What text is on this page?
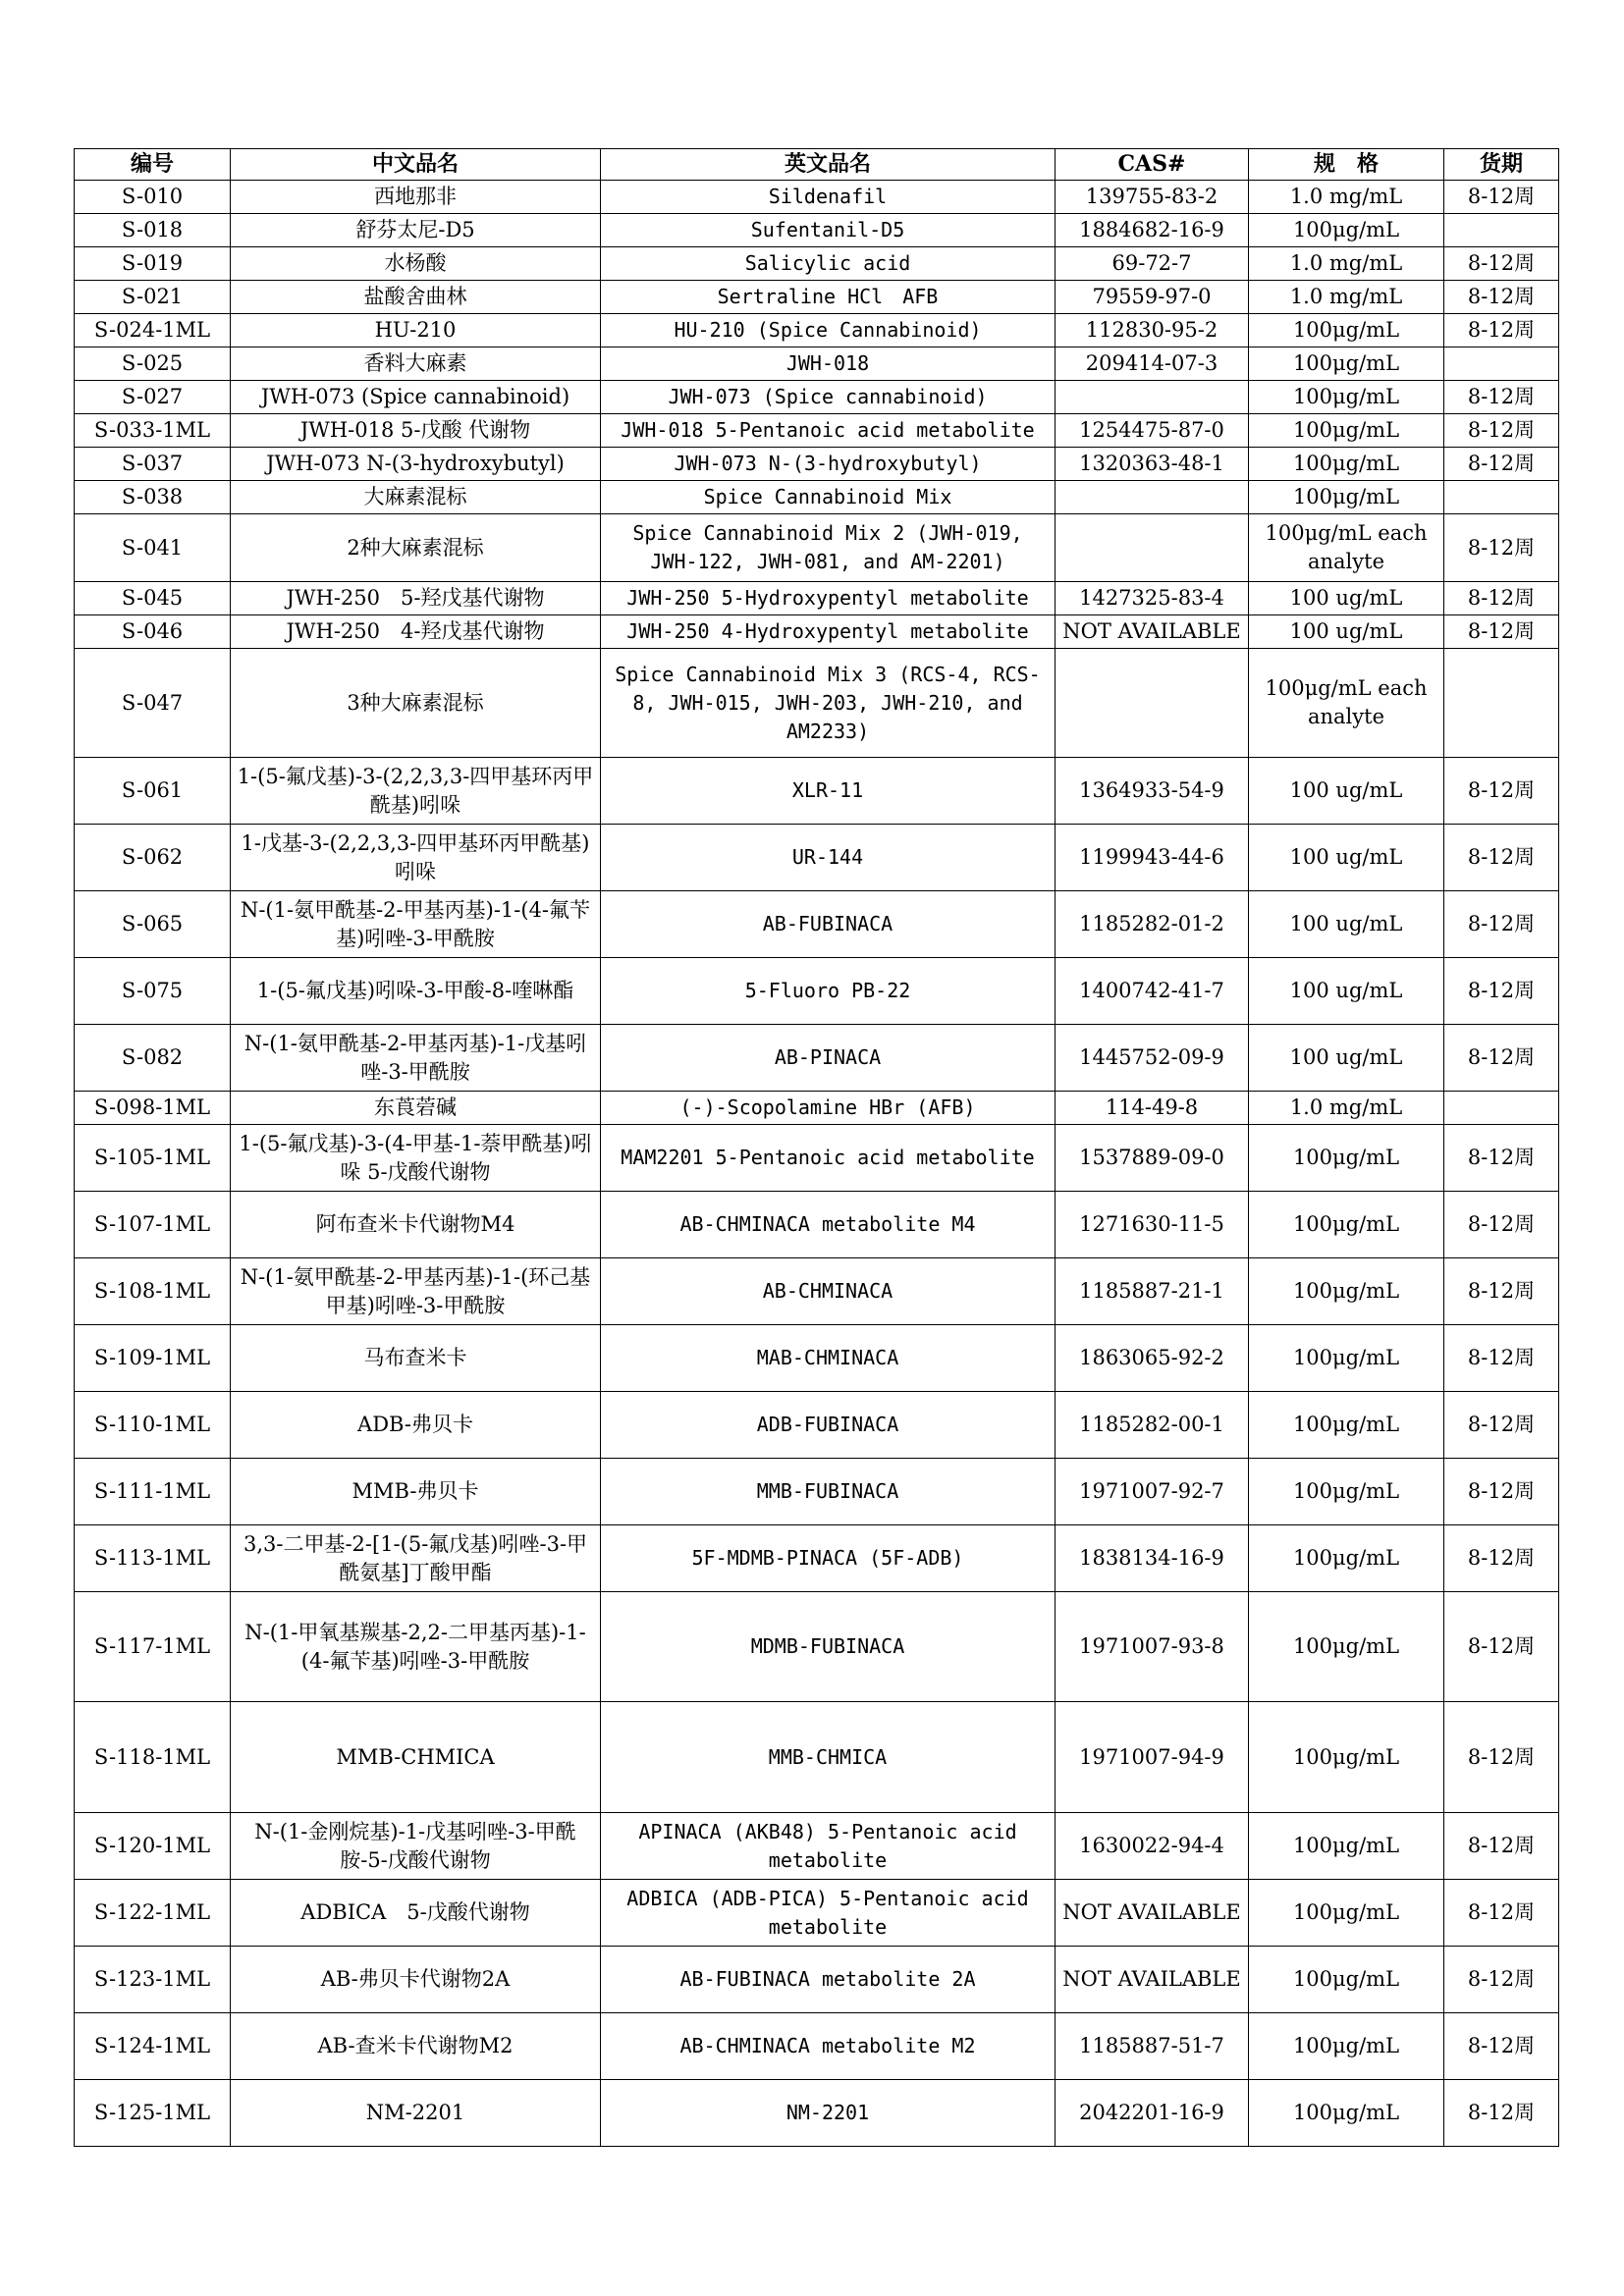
编号	中文品名	英文品名	CAS#	规　格	货期
S-010	西地那非	Sildenafil	139755-83-2	1.0 mg/mL	8-12周
S-018	舒芬太尼-D5	Sufentanil-D5	1884682-16-9	100μg/mL	
S-019	水杨酸	Salicylic acid	69-72-7	1.0 mg/mL	8-12周
S-021	盐酸舍曲林	Sertraline HCl　AFB	79559-97-0	1.0 mg/mL	8-12周
S-024-1ML	HU-210	HU-210 (Spice Cannabinoid)	112830-95-2	100μg/mL	8-12周
S-025	香料大麻素	JWH-018	209414-07-3	100μg/mL	
S-027	JWH-073 (Spice cannabinoid)	JWH-073 (Spice cannabinoid)		100μg/mL	8-12周
S-033-1ML	JWH-018 5-戊酸 代谢物	JWH-018 5-Pentanoic acid metabolite	1254475-87-0	100μg/mL	8-12周
S-037	JWH-073 N-(3-hydroxybutyl)	JWH-073 N-(3-hydroxybutyl)	1320363-48-1	100μg/mL	8-12周
S-038	大麻素混标	Spice Cannabinoid Mix		100μg/mL	
S-041	2种大麻素混标	Spice Cannabinoid Mix 2 (JWH-019, JWH-122, JWH-081, and AM-2201)		100μg/mL each analyte	8-12周
S-045	JWH-250　5-羟戊基代谢物	JWH-250 5-Hydroxypentyl metabolite	1427325-83-4	100 ug/mL	8-12周
S-046	JWH-250　4-羟戊基代谢物	JWH-250 4-Hydroxypentyl metabolite	NOT AVAILABLE	100 ug/mL	8-12周
S-047	3种大麻素混标	Spice Cannabinoid Mix 3 (RCS-4, RCS-8, JWH-015, JWH-203, JWH-210, and AM2233)		100μg/mL each analyte	
S-061	1-(5-氟戊基)-3-(2,2,3,3-四甲基环丙甲酰基)吲哚	XLR-11	1364933-54-9	100 ug/mL	8-12周
S-062	1-戊基-3-(2,2,3,3-四甲基环丙甲酰基)吲哚	UR-144	1199943-44-6	100 ug/mL	8-12周
S-065	N-(1-氨甲酰基-2-甲基丙基)-1-(4-氟苄基)吲唑-3-甲酰胺	AB-FUBINACA	1185282-01-2	100 ug/mL	8-12周
S-075	1-(5-氟戊基)吲哚-3-甲酸-8-喹啉酯	5-Fluoro PB-22	1400742-41-7	100 ug/mL	8-12周
S-082	N-(1-氨甲酰基-2-甲基丙基)-1-戊基吲唑-3-甲酰胺	AB-PINACA	1445752-09-9	100 ug/mL	8-12周
S-098-1ML	东莨菪碱	(-)-Scopolamine HBr (AFB)	114-49-8	1.0 mg/mL	
S-105-1ML	1-(5-氟戊基)-3-(4-甲基-1-萘甲酰基)吲哚 5-戊酸代谢物	MAM2201 5-Pentanoic acid metabolite	1537889-09-0	100μg/mL	8-12周
S-107-1ML	阿布查米卡代谢物M4	AB-CHMINACA metabolite M4	1271630-11-5	100μg/mL	8-12周
S-108-1ML	N-(1-氨甲酰基-2-甲基丙基)-1-(环己基甲基)吲唑-3-甲酰胺	AB-CHMINACA	1185887-21-1	100μg/mL	8-12周
S-109-1ML	马布查米卡	MAB-CHMINACA	1863065-92-2	100μg/mL	8-12周
S-110-1ML	ADB-弗贝卡	ADB-FUBINACA	1185282-00-1	100μg/mL	8-12周
S-111-1ML	MMB-弗贝卡	MMB-FUBINACA	1971007-92-7	100μg/mL	8-12周
S-113-1ML	3,3-二甲基-2-[1-(5-氟戊基)吲唑-3-甲酰氨基]丁酸甲酯	5F-MDMB-PINACA (5F-ADB)	1838134-16-9	100μg/mL	8-12周
S-117-1ML	N-(1-甲氧基羰基-2,2-二甲基丙基)-1-(4-氟苄基)吲唑-3-甲酰胺	MDMB-FUBINACA	1971007-93-8	100μg/mL	8-12周
S-118-1ML	MMB-CHMICA	MMB-CHMICA	1971007-94-9	100μg/mL	8-12周
S-120-1ML	N-(1-金刚烷基)-1-戊基吲唑-3-甲酰胺-5-戊酸代谢物	APINACA (AKB48) 5-Pentanoic acid metabolite	1630022-94-4	100μg/mL	8-12周
S-122-1ML	ADBICA　5-戊酸代谢物	ADBICA (ADB-PICA) 5-Pentanoic acid metabolite	NOT AVAILABLE	100μg/mL	8-12周
S-123-1ML	AB-弗贝卡代谢物2A	AB-FUBINACA metabolite 2A	NOT AVAILABLE	100μg/mL	8-12周
S-124-1ML	AB-查米卡代谢物M2	AB-CHMINACA metabolite M2	1185887-51-7	100μg/mL	8-12周
S-125-1ML	NM-2201	NM-2201	2042201-16-9	100μg/mL	8-12周
